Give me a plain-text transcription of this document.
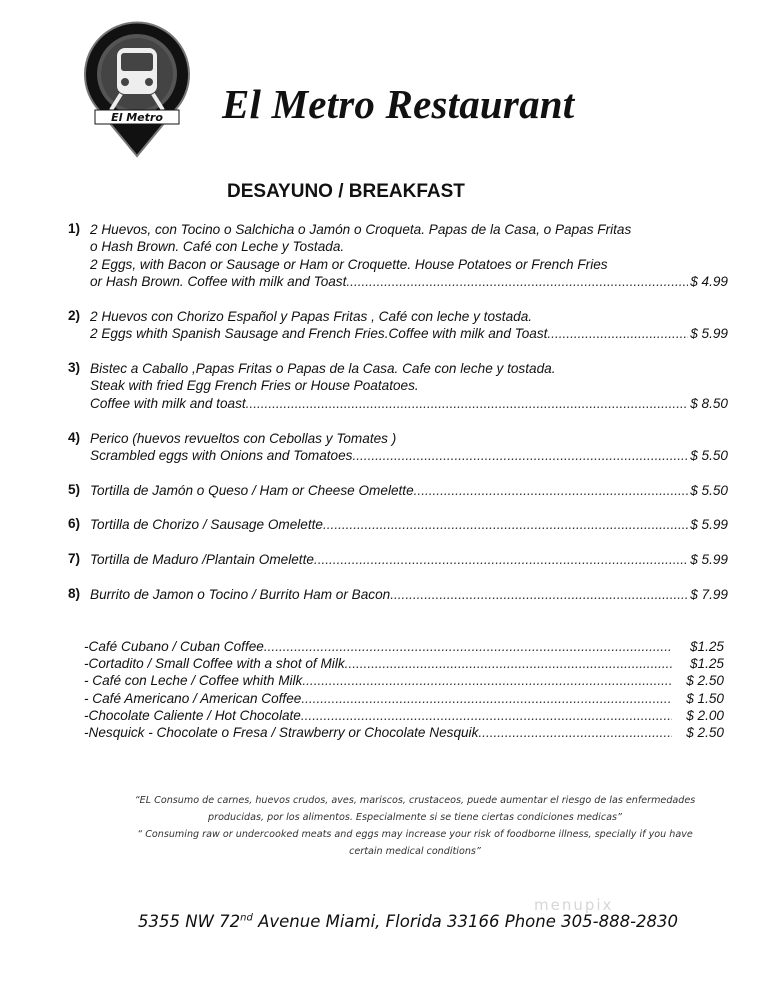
El Metro El Metro Restaurant
DESAYUNO / BREAKFAST
1) 2 Huevos, con Tocino o Salchicha o Jamón o Croqueta. Papas de la Casa, o Papas Fritas
o Hash Brown. Café con Leche y Tostada.
2 Eggs, with Bacon or Sausage or Ham or Croquette. House Potatoes or French Fries
or Hash Brown. Coffee with milk and Toast .....	$ 4.99
2) 2 Huevos con Chorizo Español y Papas Fritas , Café con leche y tostada.
2 Eggs whith Spanish Sausage and French Fries.Coffee with milk and Toast .....	$ 5.99
3) Bistec a Caballo ,Papas Fritas o Papas de la Casa. Cafe con leche y tostada.
Steak with fried Egg French Fries or House Poatatoes.
Coffee with milk and toast .....	$ 8.50
4) Perico (huevos revueltos con Cebollas y Tomates )
Scrambled eggs with Onions and Tomatoes .....	$ 5.50
5) Tortilla de Jamón o Queso / Ham or Cheese Omelette .....	$ 5.50
6) Tortilla de Chorizo / Sausage Omelette .....	$ 5.99
7) Tortilla de Maduro /Plantain Omelette .....	$ 5.99
8) Burrito de Jamon o Tocino / Burrito Ham or Bacon .....	$ 7.99
-Café Cubano / Cuban Coffee .....	$1.25
-Cortadito / Small Coffee with a shot of Milk .....	$1.25
- Café con Leche / Coffee whith Milk .....	$ 2.50
- Café Americano / American Coffee .....	$ 1.50
-Chocolate Caliente / Hot Chocolate .....	$ 2.00
-Nesquick - Chocolate o Fresa / Strawberry or Chocolate Nesquik .....	$ 2.50
“EL Consumo de carnes, huevos crudos, aves, mariscos, crustaceos, puede aumentar el riesgo de las enfermedades
producidas, por los alimentos. Especialmente si se tiene ciertas condiciones medicas”
“ Consuming raw or undercooked meats and eggs may increase your risk of foodborne illness, specially if you have
certain medical conditions”
menupix
5355 NW 72nd Avenue Miami, Florida 33166 Phone 305-888-2830
